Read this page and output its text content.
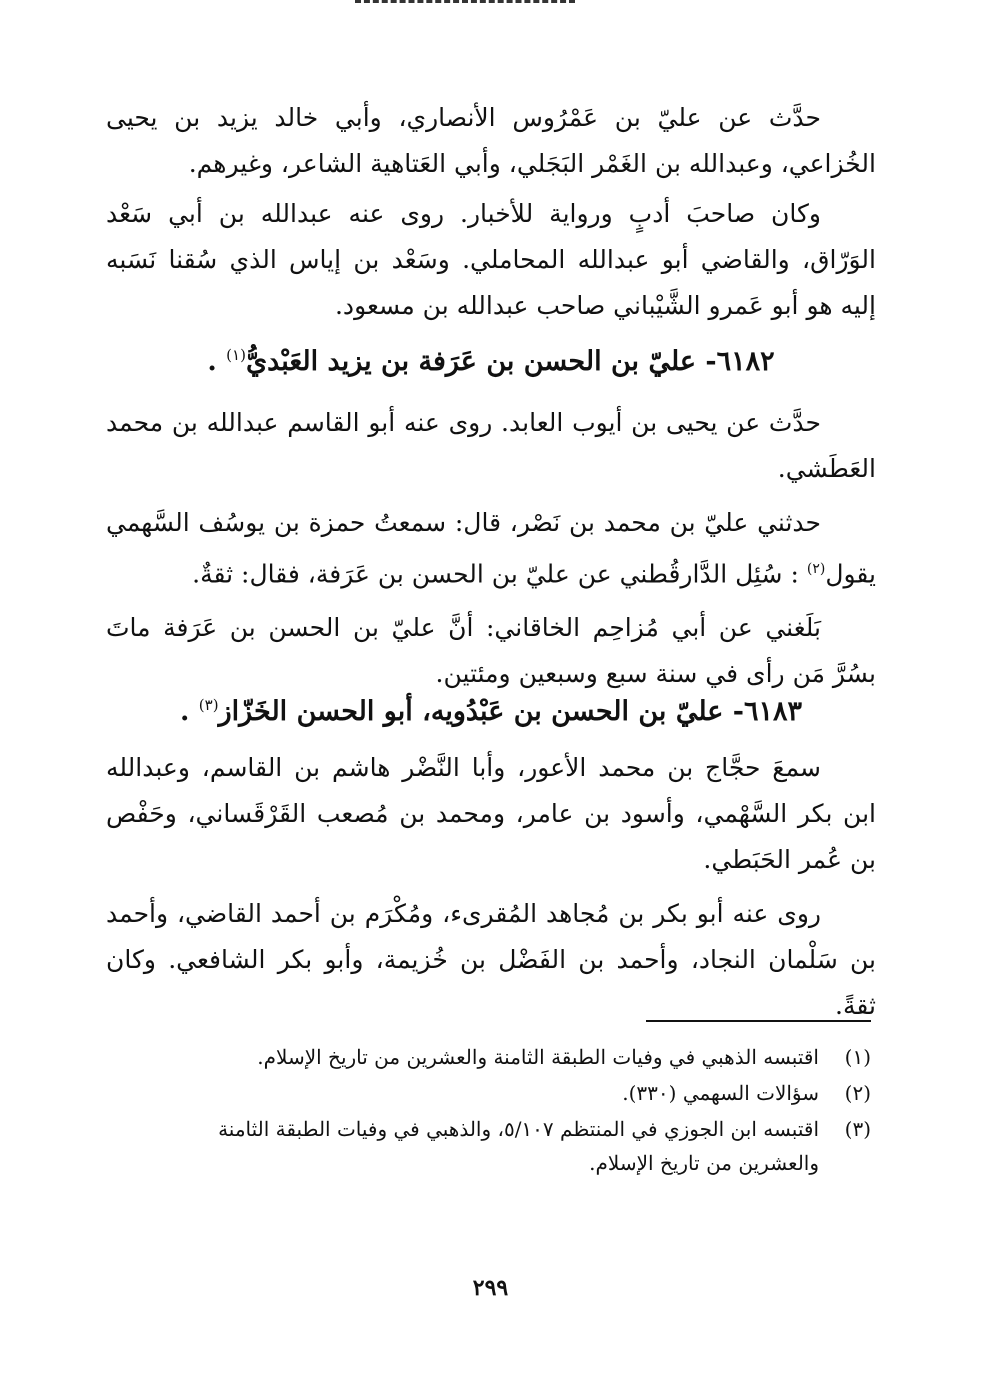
حدَّث عن عليّ بن عَمْرُوس الأنصاري، وأبي خالد يزيد بن يحيى الخُزاعي، وعبدالله بن الغَمْر البَجَلي، وأبي العَتاهية الشاعر، وغيرهم.

وكان صاحبَ أدبٍ ورواية للأخبار. روى عنه عبدالله بن أبي سَعْد الوَرّاق، والقاضي أبو عبدالله المحاملي. وسَعْد بن إياس الذي سُقنا نَسَبه إليه هو أبو عَمرو الشَّيْباني صاحب عبدالله بن مسعود.

٦١٨٢- عليّ بن الحسن بن عَرَفة بن يزيد العَبْديُّ$^{(١)}$ .

حدَّث عن يحيى بن أيوب العابد. روى عنه أبو القاسم عبدالله بن محمد العَطَشي.

حدثني عليّ بن محمد بن نَصْر، قال: سمعتُ حمزة بن يوسُف السَّهمي يقول$^{(٢)}$ : سُئِل الدَّارقُطني عن عليّ بن الحسن بن عَرَفة، فقال: ثقةٌ.

بَلَغني عن أبي مُزاحِم الخاقاني: أنَّ عليّ بن الحسن بن عَرَفة ماتَ بسُرَّ مَن رأى في سنة سبع وسبعين ومئتين.

٦١٨٣- عليّ بن الحسن بن عَبْدُويه، أبو الحسن الخَزّاز$^{(٣)}$ .

سمعَ حجَّاج بن محمد الأعور، وأبا النَّضْر هاشم بن القاسم، وعبدالله ابن بكر السَّهْمي، وأسود بن عامر، ومحمد بن مُصعب القَرْقَساني، وحَفْص بن عُمر الحَبَطي.

روى عنه أبو بكر بن مُجاهد المُقرىء، ومُكْرَم بن أحمد القاضي، وأحمد بن سَلْمان النجاد، وأحمد بن الفَضْل بن خُزيمة، وأبو بكر الشافعي. وكان ثقةً.

(١)
اقتبسه الذهبي في وفيات الطبقة الثامنة والعشرين من تاريخ الإسلام.
(٢)
سؤالات السهمي (٣٣٠).
(٣)
اقتبسه ابن الجوزي في المنتظم ٥/١٠٧، والذهبي في وفيات الطبقة الثامنة والعشرين من تاريخ الإسلام.
٢٩٩
